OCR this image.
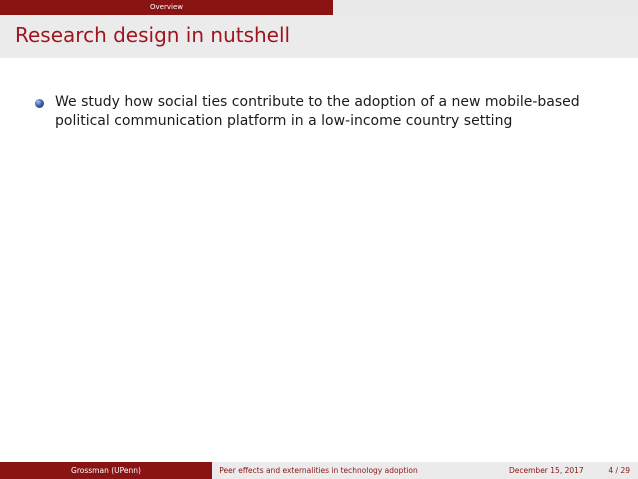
Overview
Research design in nutshell
We study how social ties contribute to the adoption of a new mobile-based political communication platform in a low-income country setting
Grossman (UPenn)	Peer effects and externalities in technology adoption	December 15, 2017	4 / 29
